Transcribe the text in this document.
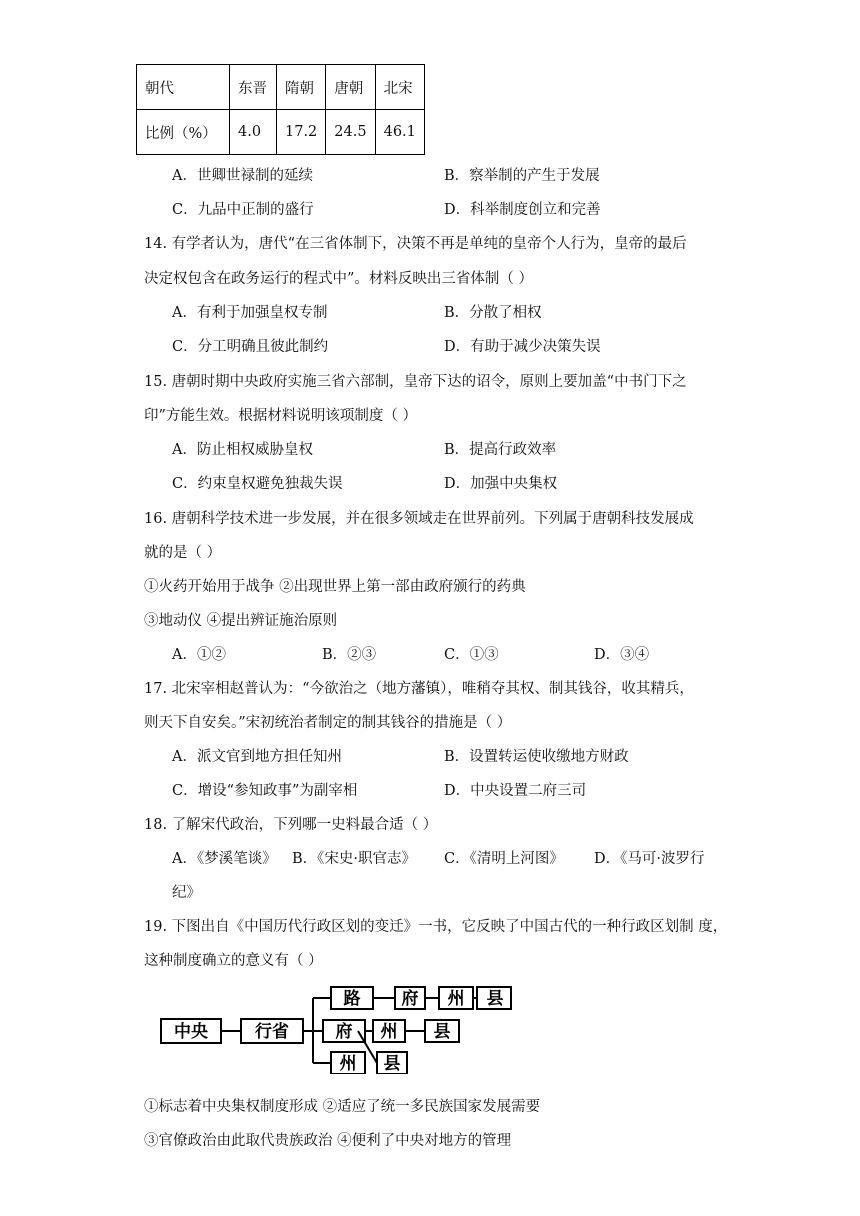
朝代	东晋	隋朝	唐朝	北宋
比例（%）	4.0	17.2	24.5	46.1
A．世卿世禄制的延续	B．察举制的产生于发展
C．九品中正制的盛行	D．科举制度创立和完善
14. 有学者认为，唐代“在三省体制下，决策不再是单纯的皇帝个人行为，皇帝的最后
决定权包含在政务运行的程式中”。材料反映出三省体制（ ）
A．有利于加强皇权专制	B．分散了相权
C．分工明确且彼此制约	D．有助于减少决策失误
15. 唐朝时期中央政府实施三省六部制，皇帝下达的诏令，原则上要加盖“中书门下之
印”方能生效。根据材料说明该项制度（ ）
A．防止相权威胁皇权	B．提高行政效率
C．约束皇权避免独裁失误	D．加强中央集权
16. 唐朝科学技术进一步发展，并在很多领域走在世界前列。下列属于唐朝科技发展成
就的是（ ）
①火药开始用于战争 ②出现世界上第一部由政府颁行的药典
③地动仪 ④提出辨证施治原则
A．①②	B．②③	C．①③	D．③④
17. 北宋宰相赵普认为：“今欲治之（地方藩镇），唯稍夺其权、制其钱谷，收其精兵，
则天下自安矣。”宋初统治者制定的制其钱谷的措施是（ ）
A．派文官到地方担任知州	B．设置转运使收缴地方财政
C．增设“参知政事”为副宰相	D．中央设置二府三司
18. 了解宋代政治，下列哪一史料最合适（ ）
A．《梦溪笔谈》 B．《宋史·职官志》 C．《清明上河图》 D．《马可·波罗行
纪》
19. 下图出自《中国历代行政区划的变迁》一书，它反映了中国古代的一种行政区划制 度，
这种制度确立的意义有（ ）
中央	行省
路 府 州 县
府 州 县
州 县
①标志着中央集权制度形成 ②适应了统一多民族国家发展需要
③官僚政治由此取代贵族政治 ④便利了中央对地方的管理
